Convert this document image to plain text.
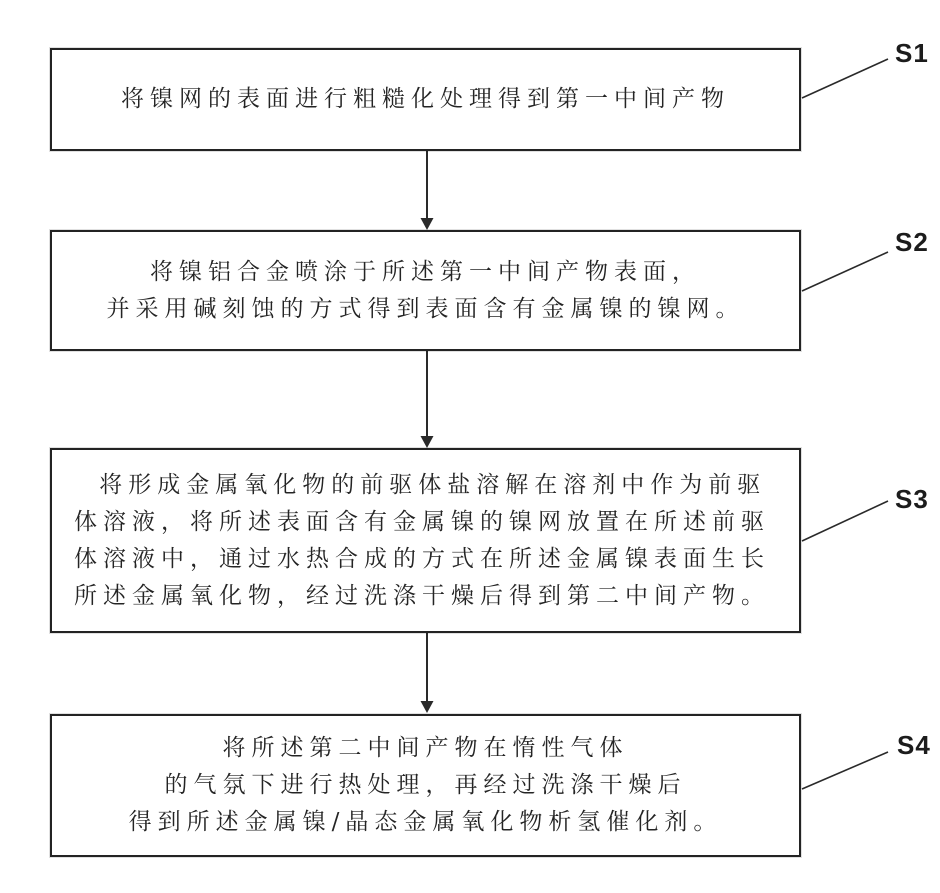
将镍网的表面进行粗糙化处理得到第一中间产物
将镍铝合金喷涂于所述第一中间产物表面，
并采用碱刻蚀的方式得到表面含有金属镍的镍网。
将形成金属氧化物的前驱体盐溶解在溶剂中作为前驱
体溶液，将所述表面含有金属镍的镍网放置在所述前驱
体溶液中，通过水热合成的方式在所述金属镍表面生长
所述金属氧化物，经过洗涤干燥后得到第二中间产物。
将所述第二中间产物在惰性气体
的气氛下进行热处理，再经过洗涤干燥后
得到所述金属镍/晶态金属氧化物析氢催化剂。
S1
S2
S3
S4
